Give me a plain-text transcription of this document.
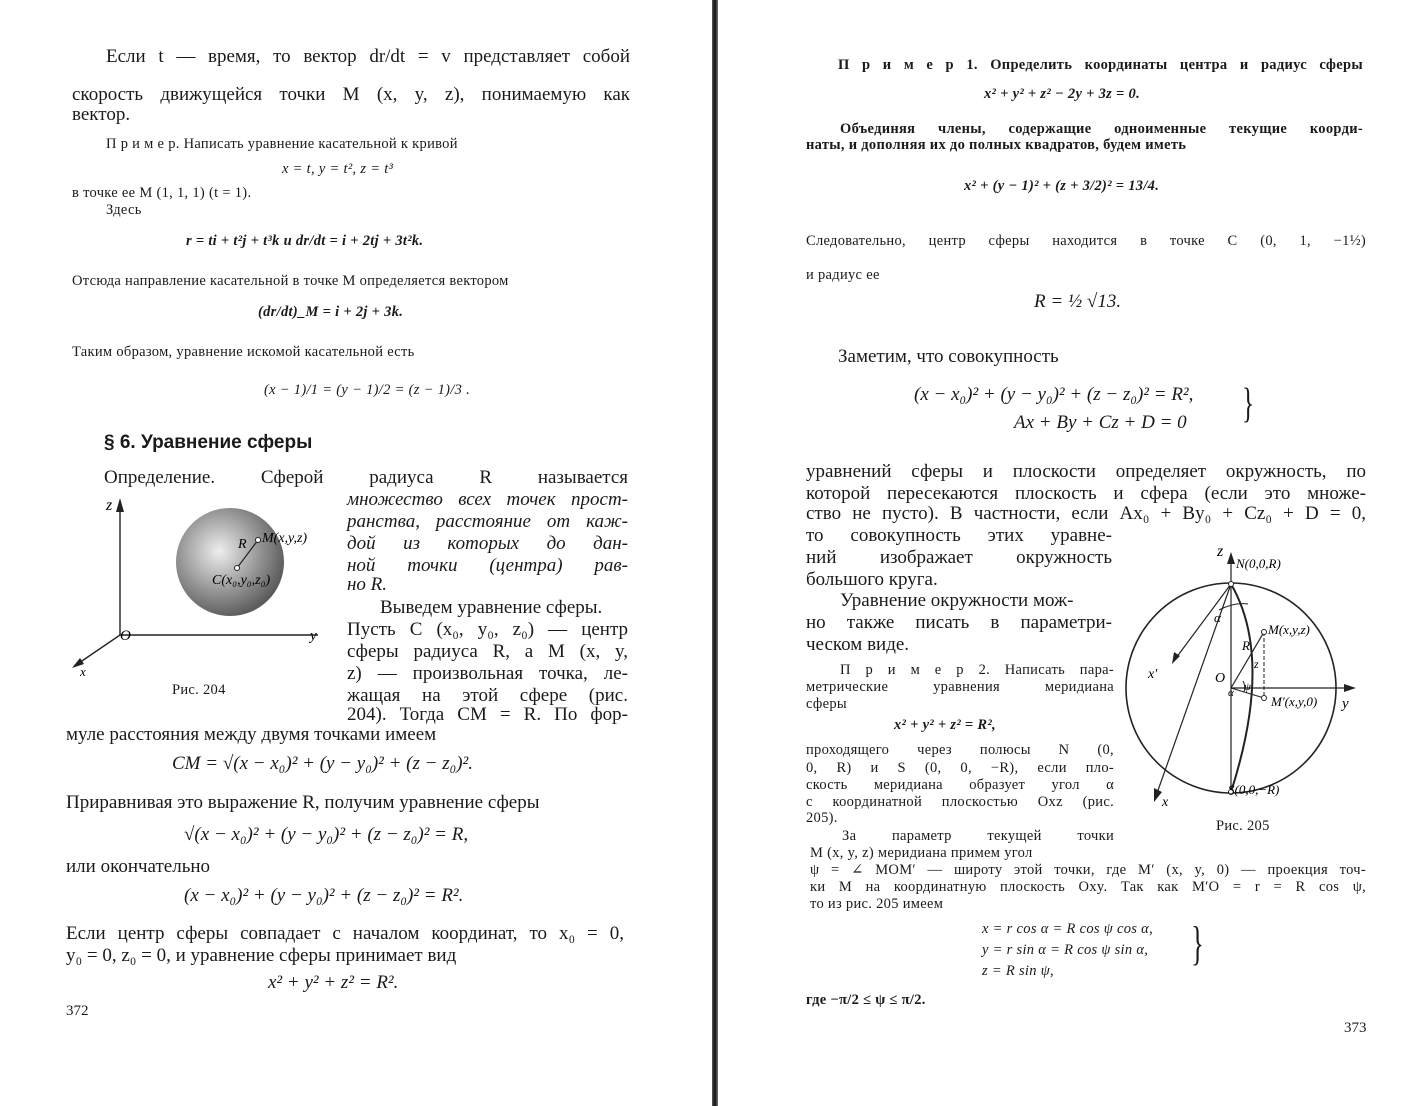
Если t — время, то вектор dr/dt = v представляет собой
скорость движущейся точки M (x, y, z), понимаемую как
вектор.
П р и м е р. Написать уравнение касательной к кривой
x = t, y = t², z = t³
в точке ее M (1, 1, 1) (t = 1).
Здесь
r = ti + t²j + t³k и dr/dt = i + 2tj + 3t²k.
Отсюда направление касательной в точке M определяется вектором
(dr/dt)_M = i + 2j + 3k.
Таким образом, уравнение искомой касательной есть
(x − 1)/1 = (y − 1)/2 = (z − 1)/3 .
§ 6. Уравнение сферы
Определение. Сферой радиуса R называется
множество всех точек прост-
ранства, расстояние от каж-
дой из которых до дан-
ной точки (центра) рав-
но R.
Выведем уравнение сферы.
Пусть C (x₀, y₀, z₀) — центр
сферы радиуса R, а M (x, y,
z) — произвольная точка, ле-
жащая на этой сфере (рис.
204). Тогда CM = R. По фор-
z
y
x
O
R M(x,y,z)
C(x₀,y₀,z₀)
Рис. 204
муле расстояния между двумя точками имеем
CM = √(x − x₀)² + (y − y₀)² + (z − z₀)².
Приравнивая это выражение R, получим уравнение сферы
√(x − x₀)² + (y − y₀)² + (z − z₀)² = R,
или окончательно
(x − x₀)² + (y − y₀)² + (z − z₀)² = R².
Если центр сферы совпадает с началом координат, то x₀ = 0,
y₀ = 0, z₀ = 0, и уравнение сферы принимает вид
x² + y² + z² = R².
372
П р и м е р 1. Определить координаты центра и радиус сферы
x² + y² + z² − 2y + 3z = 0.
Объединяя члены, содержащие одноименные текущие коорди-
наты, и дополняя их до полных квадратов, будем иметь
x² + (y − 1)² + (z + 3/2)² = 13/4.
Следовательно, центр сферы находится в точке C (0, 1, −1½)
и радиус ее
R = ½ √13.
Заметим, что совокупность
(x − x₀)² + (y − y₀)² + (z − z₀)² = R²,
Ax + By + Cz + D = 0 }
уравнений сферы и плоскости определяет окружность, по
которой пересекаются плоскость и сфера (если это множе-
ство не пусто). В частности, если Ax₀ + By₀ + Cz₀ + D = 0,
то совокупность этих уравне-
ний изображает окружность
большого круга.
Уравнение окружности мож-
но также писать в параметри-
ческом виде.
П р и м е р 2. Написать пара-
метрические уравнения меридиана
сферы
x² + y² + z² = R²,
проходящего через полюсы N (0,
0, R) и S (0, 0, −R), если пло-
скость меридиана образует угол α
с координатной плоскостью Oxz (рис.
205).
z
N(0,0,R)
M(x,y,z)
M′(x,y,0)
S(0,0,−R)
x
x′
y
O
R
z
α
α ψ
Рис. 205
За параметр текущей точки
M (x, y, z) меридиана примем угол
ψ = ∠ MOM′ — широту этой точки, где M′ (x, y, 0) — проекция точ-
ки M на координатную плоскость Oxy. Так как M′O = r = R cos ψ,
то из рис. 205 имеем
x = r cos α = R cos ψ cos α,
y = r sin α = R cos ψ sin α,
z = R sin ψ,
}
где −π/2 ≤ ψ ≤ π/2.
373
